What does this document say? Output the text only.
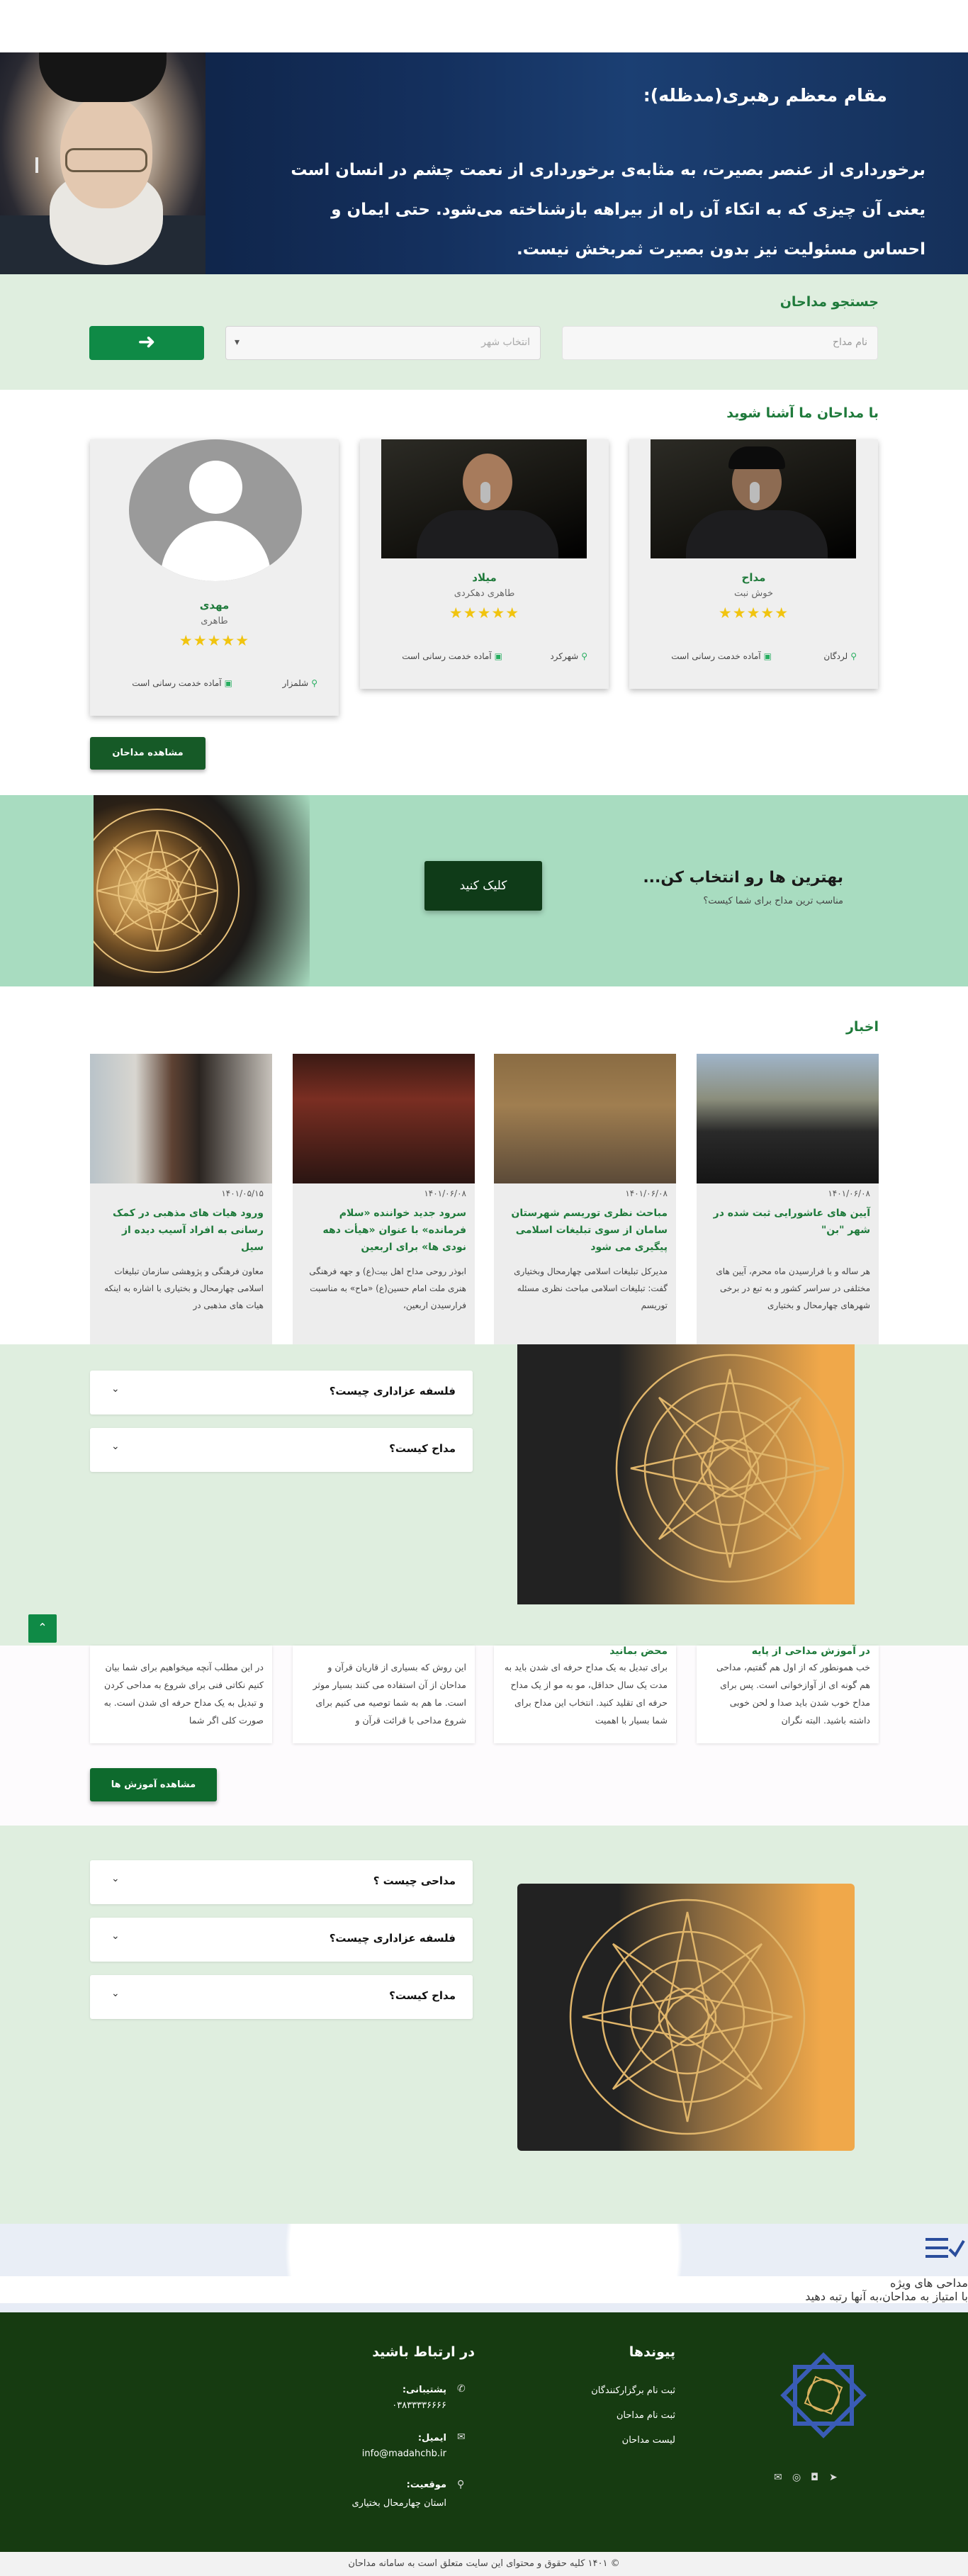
مقام معظم رهبری(مدظله):

برخورداری از عنصر بصیرت، به مثابه‌ی برخورداری از نعمت چشم در انسان است یعنی آن چیزی که به اتکاء آن راه از بیراهه بازشناخته می‌شود. حتی ایمان و احساس مسئولیت نیز بدون بصیرت ثمربخش نیست.

جستجو مداحان
نام مداح
انتخاب شهر
▾
➜
با مداحان ما آشنا شوید
مداح
خوش نبت
★★★★★
⚲لردگان
▣آماده خدمت رسانی است
میلاد
طاهری دهکردی
★★★★★
⚲شهرکرد
▣آماده خدمت رسانی است
مهدی
طاهری
★★★★★
⚲شلمزار
▣آماده خدمت رسانی است
مشاهده مداحان
کلیک کنید	بهترین ها رو انتخاب کن...

مناسب ترین مداح برای شما کیست؟

اخبار
۱۴۰۱/۰۶/۰۸
آیین های عاشورایی ثبت شده در شهر "بن"
هر ساله و با فرارسیدن ماه محرم، آیین های مختلفی در سراسر کشور و به تبع در برخی شهرهای چهارمحال و بختیاری
۱۴۰۱/۰۶/۰۸
مباحث نظری توریسم شهرستان سامان از سوی تبلیغات اسلامی پیگیری می شود
مدیرکل تبلیغات اسلامی چهارمحال وبختیاری گفت: تبلیغات اسلامی مباحث نظری مسئله توریسم
۱۴۰۱/۰۶/۰۸
سرود جدید خواننده «سلام فرمانده» با عنوان «هیأت دهه نودی ها» برای اربعین
ابوذر روحی مداح اهل بیت(ع) و جهه فرهنگی هنری ملت امام حسین(ع) «ماح» به مناسبت فرارسیدن اربعین،
۱۴۰۱/۰۵/۱۵
ورود هیات های مذهبی در کمک رسانی به افراد آسیب دیده از سیل
معاون فرهنگی و پژوهشی سازمان تبلیغات اسلامی چهارمحال و بختیاری با اشاره به اینکه هیات های مذهبی در
فلسفه عزاداری چیست؟
⌄
مداح کیست؟
⌄
⌃
در آموزش مداحی از پایه
خب همونطور که از اول هم گفتیم، مداحی هم گونه ای از آوازخوانی است. پس برای مداح خوب شدن باید صدا و لحن خوبی داشته باشید. البته نگران
محض بمانید
برای تبدیل به یک مداح حرفه ای شدن باید به مدت یک سال حداقل، مو به مو از یک مداح حرفه ای تقلید کنید. انتخاب این مداح برای شما بسیار با اهمیت
این روش که بسیاری از قاریان قرآن و مداحان از آن استفاده می کنند بسیار موثر است. ما هم به شما توصیه می کنیم برای شروع مداحی با قرائت قرآن و
در این مطلب آنچه میخواهیم برای شما بیان کنیم نکاتی فنی برای شروع به مداحی کردن و تبدیل به یک مداح حرفه ای شدن است. به صورت کلی اگر شما
مشاهده آموزش ها
مداحی چیست ؟
⌄
فلسفه عزاداری چیست؟
⌄
مداح کیست؟
⌄
مداحی های ویژه
با امتیاز به مداحان،به آنها رتبه دهید
✉ ◎ ◘ ➤
پیوندها
ثبت نام برگزارکنندگان
ثبت نام مداحان
لیست مداحان
در ارتباط باشید
✆
پشتیبانی:
۰۳۸۳۳۳۳۶۶۶۶
✉
ایمیل:
info@madahchb.ir
⚲
موقعیت:
استان چهارمحال بختیاری
© ۱۴۰۱ کلیه حقوق و محتوای این سایت متعلق است به سامانه مداحان
